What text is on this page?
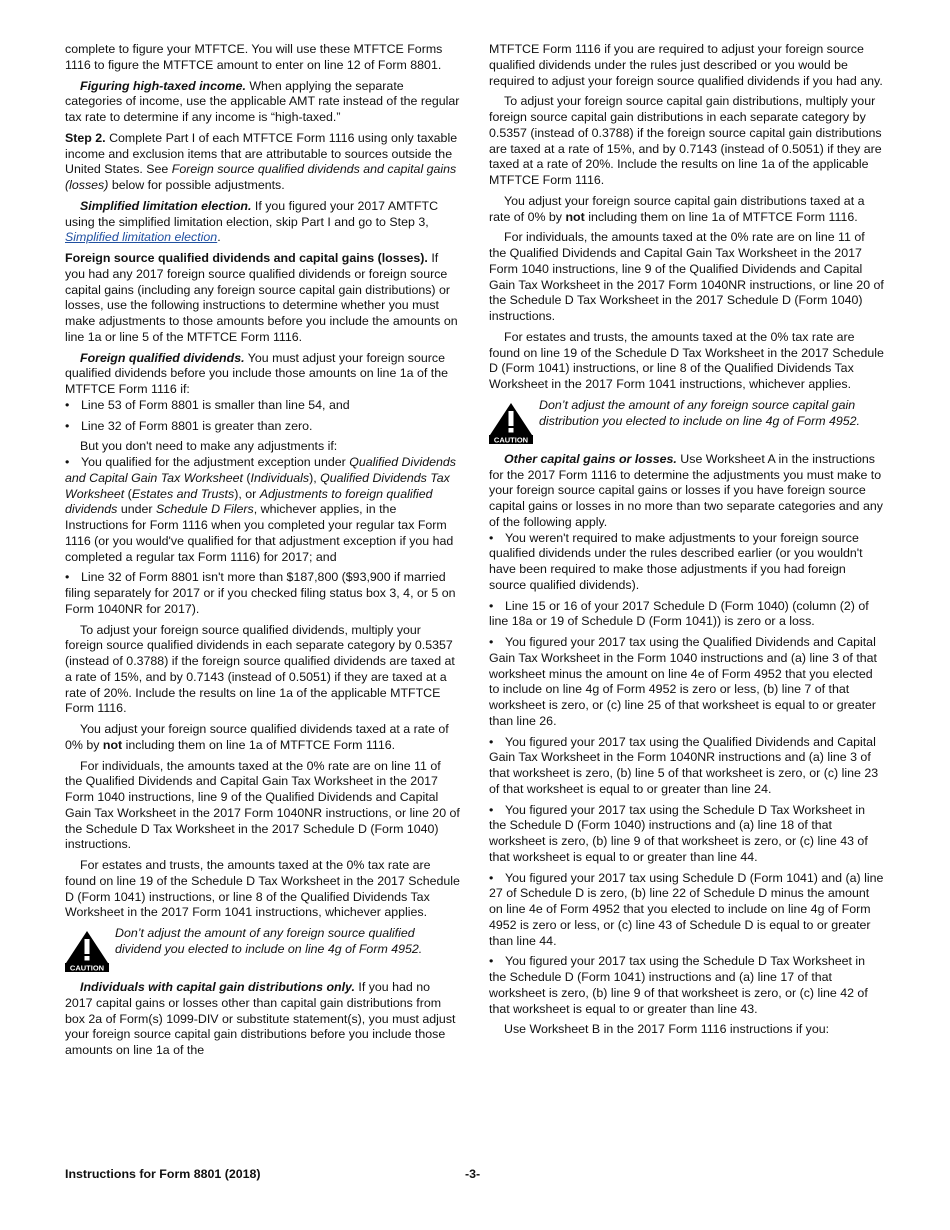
complete to figure your MTFTCE. You will use these MTFTCE Forms 1116 to figure the MTFTCE amount to enter on line 12 of Form 8801.

Figuring high-taxed income. When applying the separate categories of income, use the applicable AMT rate instead of the regular tax rate to determine if any income is “high-taxed.”

Step 2. Complete Part I of each MTFTCE Form 1116 using only taxable income and exclusion items that are attributable to sources outside the United States. See Foreign source qualified dividends and capital gains (losses) below for possible adjustments.

Simplified limitation election. If you figured your 2017 AMTFTC using the simplified limitation election, skip Part I and go to Step 3, Simplified limitation election.

Foreign source qualified dividends and capital gains (losses). If you had any 2017 foreign source qualified dividends or foreign source capital gains (including any foreign source capital gain distributions) or losses, use the following instructions to determine whether you must make adjustments to those amounts before you include the amounts on line 1a or line 5 of the MTFTCE Form 1116.

Foreign qualified dividends. You must adjust your foreign source qualified dividends before you include those amounts on line 1a of the MTFTCE Form 1116 if:

• Line 53 of Form 8801 is smaller than line 54, and

• Line 32 of Form 8801 is greater than zero.

But you don't need to make any adjustments if:

• You qualified for the adjustment exception under Qualified Dividends and Capital Gain Tax Worksheet (Individuals), Qualified Dividends Tax Worksheet (Estates and Trusts), or Adjustments to foreign qualified dividends under Schedule D Filers, whichever applies, in the Instructions for Form 1116 when you completed your regular tax Form 1116 (or you would've qualified for that adjustment exception if you had completed a regular tax Form 1116) for 2017; and

• Line 32 of Form 8801 isn't more than $187,800 ($93,900 if married filing separately for 2017 or if you checked filing status box 3, 4, or 5 on Form 1040NR for 2017).

To adjust your foreign source qualified dividends, multiply your foreign source qualified dividends in each separate category by 0.5357 (instead of 0.3788) if the foreign source qualified dividends are taxed at a rate of 15%, and by 0.7143 (instead of 0.5051) if they are taxed at a rate of 20%. Include the results on line 1a of the applicable MTFTCE Form 1116.

You adjust your foreign source qualified dividends taxed at a rate of 0% by not including them on line 1a of MTFTCE Form 1116.

For individuals, the amounts taxed at the 0% rate are on line 11 of the Qualified Dividends and Capital Gain Tax Worksheet in the 2017 Form 1040 instructions, line 9 of the Qualified Dividends and Capital Gain Tax Worksheet in the 2017 Form 1040NR instructions, or line 20 of the Schedule D Tax Worksheet in the 2017 Schedule D (Form 1040) instructions.

For estates and trusts, the amounts taxed at the 0% tax rate are found on line 19 of the Schedule D Tax Worksheet in the 2017 Schedule D (Form 1041) instructions, or line 8 of the Qualified Dividends Tax Worksheet in the 2017 Form 1041 instructions, whichever applies.

CAUTION
Don’t adjust the amount of any foreign source qualified dividend you elected to include on line 4g of Form 4952.

Individuals with capital gain distributions only. If you had no 2017 capital gains or losses other than capital gain distributions from box 2a of Form(s) 1099-DIV or substitute statement(s), you must adjust your foreign source capital gain distributions before you include those amounts on line 1a of the

MTFTCE Form 1116 if you are required to adjust your foreign source qualified dividends under the rules just described or you would be required to adjust your foreign source qualified dividends if you had any.

To adjust your foreign source capital gain distributions, multiply your foreign source capital gain distributions in each separate category by 0.5357 (instead of 0.3788) if the foreign source capital gain distributions are taxed at a rate of 15%, and by 0.7143 (instead of 0.5051) if they are taxed at a rate of 20%. Include the results on line 1a of the applicable MTFTCE Form 1116.

You adjust your foreign source capital gain distributions taxed at a rate of 0% by not including them on line 1a of MTFTCE Form 1116.

For individuals, the amounts taxed at the 0% rate are on line 11 of the Qualified Dividends and Capital Gain Tax Worksheet in the 2017 Form 1040 instructions, line 9 of the Qualified Dividends and Capital Gain Tax Worksheet in the 2017 Form 1040NR instructions, or line 20 of the Schedule D Tax Worksheet in the 2017 Schedule D (Form 1040) instructions.

For estates and trusts, the amounts taxed at the 0% tax rate are found on line 19 of the Schedule D Tax Worksheet in the 2017 Schedule D (Form 1041) instructions, or line 8 of the Qualified Dividends Tax Worksheet in the 2017 Form 1041 instructions, whichever applies.

CAUTION
Don’t adjust the amount of any foreign source capital gain distribution you elected to include on line 4g of Form 4952.

Other capital gains or losses. Use Worksheet A in the instructions for the 2017 Form 1116 to determine the adjustments you must make to your foreign source capital gains or losses if you have foreign source capital gains or losses in no more than two separate categories and any of the following apply.

• You weren't required to make adjustments to your foreign source qualified dividends under the rules described earlier (or you wouldn't have been required to make those adjustments if you had foreign source qualified dividends).

• Line 15 or 16 of your 2017 Schedule D (Form 1040) (column (2) of line 18a or 19 of Schedule D (Form 1041)) is zero or a loss.

• You figured your 2017 tax using the Qualified Dividends and Capital Gain Tax Worksheet in the Form 1040 instructions and (a) line 3 of that worksheet minus the amount on line 4e of Form 4952 that you elected to include on line 4g of Form 4952 is zero or less, (b) line 7 of that worksheet is zero, or (c) line 25 of that worksheet is equal to or greater than line 26.

• You figured your 2017 tax using the Qualified Dividends and Capital Gain Tax Worksheet in the Form 1040NR instructions and (a) line 3 of that worksheet is zero, (b) line 5 of that worksheet is zero, or (c) line 23 of that worksheet is equal to or greater than line 24.

• You figured your 2017 tax using the Schedule D Tax Worksheet in the Schedule D (Form 1040) instructions and (a) line 18 of that worksheet is zero, (b) line 9 of that worksheet is zero, or (c) line 43 of that worksheet is equal to or greater than line 44.

• You figured your 2017 tax using Schedule D (Form 1041) and (a) line 27 of Schedule D is zero, (b) line 22 of Schedule D minus the amount on line 4e of Form 4952 that you elected to include on line 4g of Form 4952 is zero or less, or (c) line 43 of Schedule D is equal to or greater than line 44.

• You figured your 2017 tax using the Schedule D Tax Worksheet in the Schedule D (Form 1041) instructions and (a) line 17 of that worksheet is zero, (b) line 9 of that worksheet is zero, or (c) line 42 of that worksheet is equal to or greater than line 43.

Use Worksheet B in the 2017 Form 1116 instructions if you:

Instructions for Form 8801 (2018)	-3-
